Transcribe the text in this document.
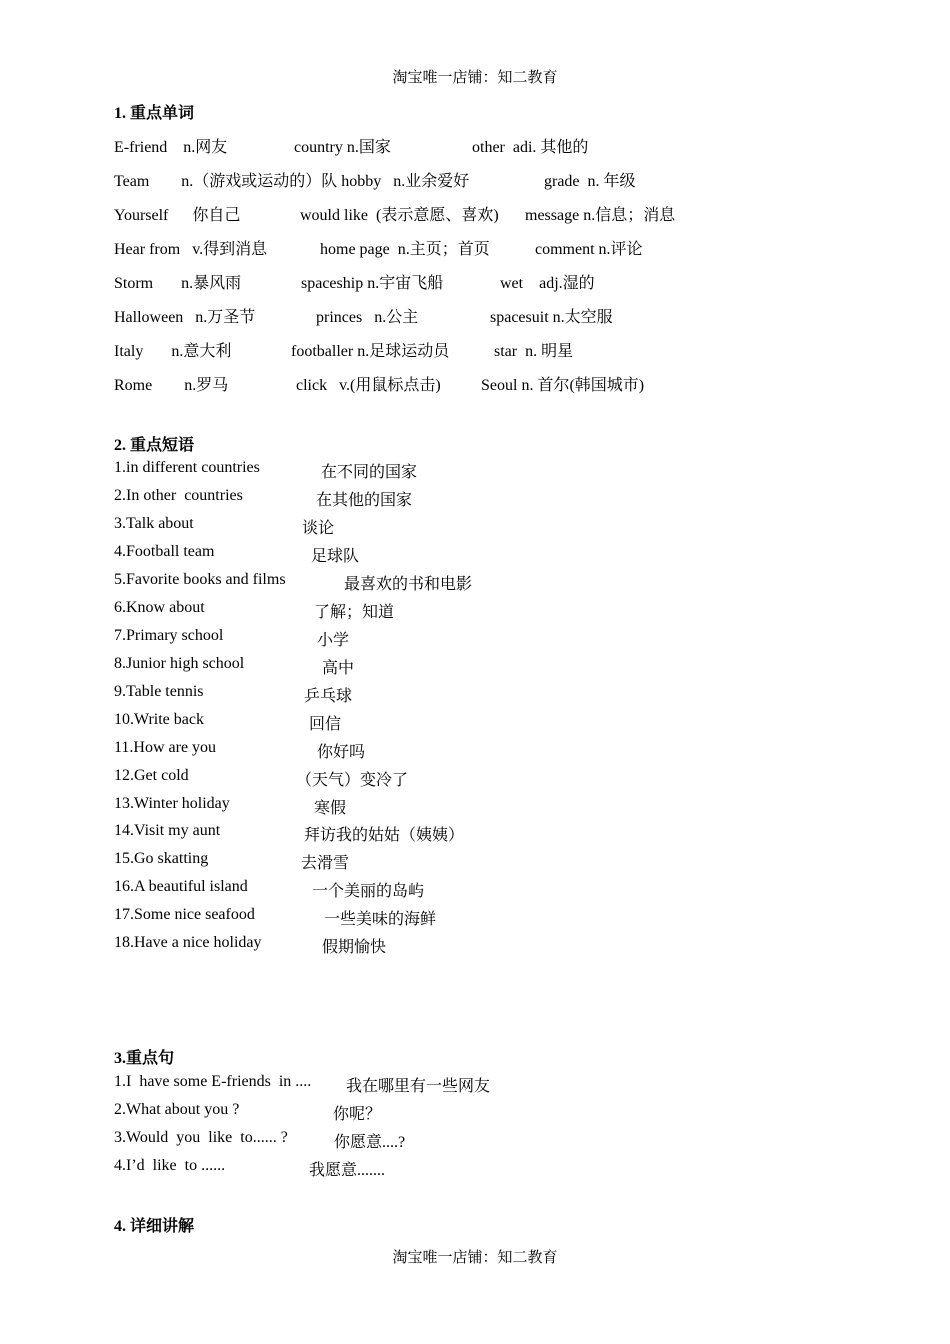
淘宝唯一店铺：知二教育
1. 重点单词
E-friend    n.网友	country n.国家	other  adi. 其他的
Team        n.（游戏或运动的）队 hobby   n.业余爱好	grade  n. 年级
Yourself      你自己	would like  (表示意愿、喜欢) message n.信息；消息
Hear from   v.得到消息	home page  n.主页；首页	comment n.评论
Storm       n.暴风雨	spaceship n.宇宙飞船	wet    adj.湿的
Halloween   n.万圣节	princes   n.公主	spacesuit n.太空服
Italy       n.意大利	footballer n.足球运动员	star  n. 明星
Rome        n.罗马	click   v.(用鼠标点击)	Seoul n. 首尔(韩国城市)
2. 重点短语
1.in different countries	在不同的国家
2.In other  countries	在其他的国家
3.Talk about	谈论
4.Football team	足球队
5.Favorite books and films	最喜欢的书和电影
6.Know about	了解；知道
7.Primary school	小学
8.Junior high school	高中
9.Table tennis	乒乓球
10.Write back	回信
11.How are you	你好吗
12.Get cold	（天气）变冷了
13.Winter holiday	寒假
14.Visit my aunt	拜访我的姑姑（姨姨）
15.Go skatting	去滑雪
16.A beautiful island	一个美丽的岛屿
17.Some nice seafood	一些美味的海鲜
18.Have a nice holiday	假期愉快
3.重点句
1.I  have some E-friends  in .... 我在哪里有一些网友
2.What about you ?	你呢？
3.Would  you  like  to...... ?	你愿意....?
4.I’d  like  to ......	我愿意.......
4. 详细讲解
淘宝唯一店铺：知二教育
